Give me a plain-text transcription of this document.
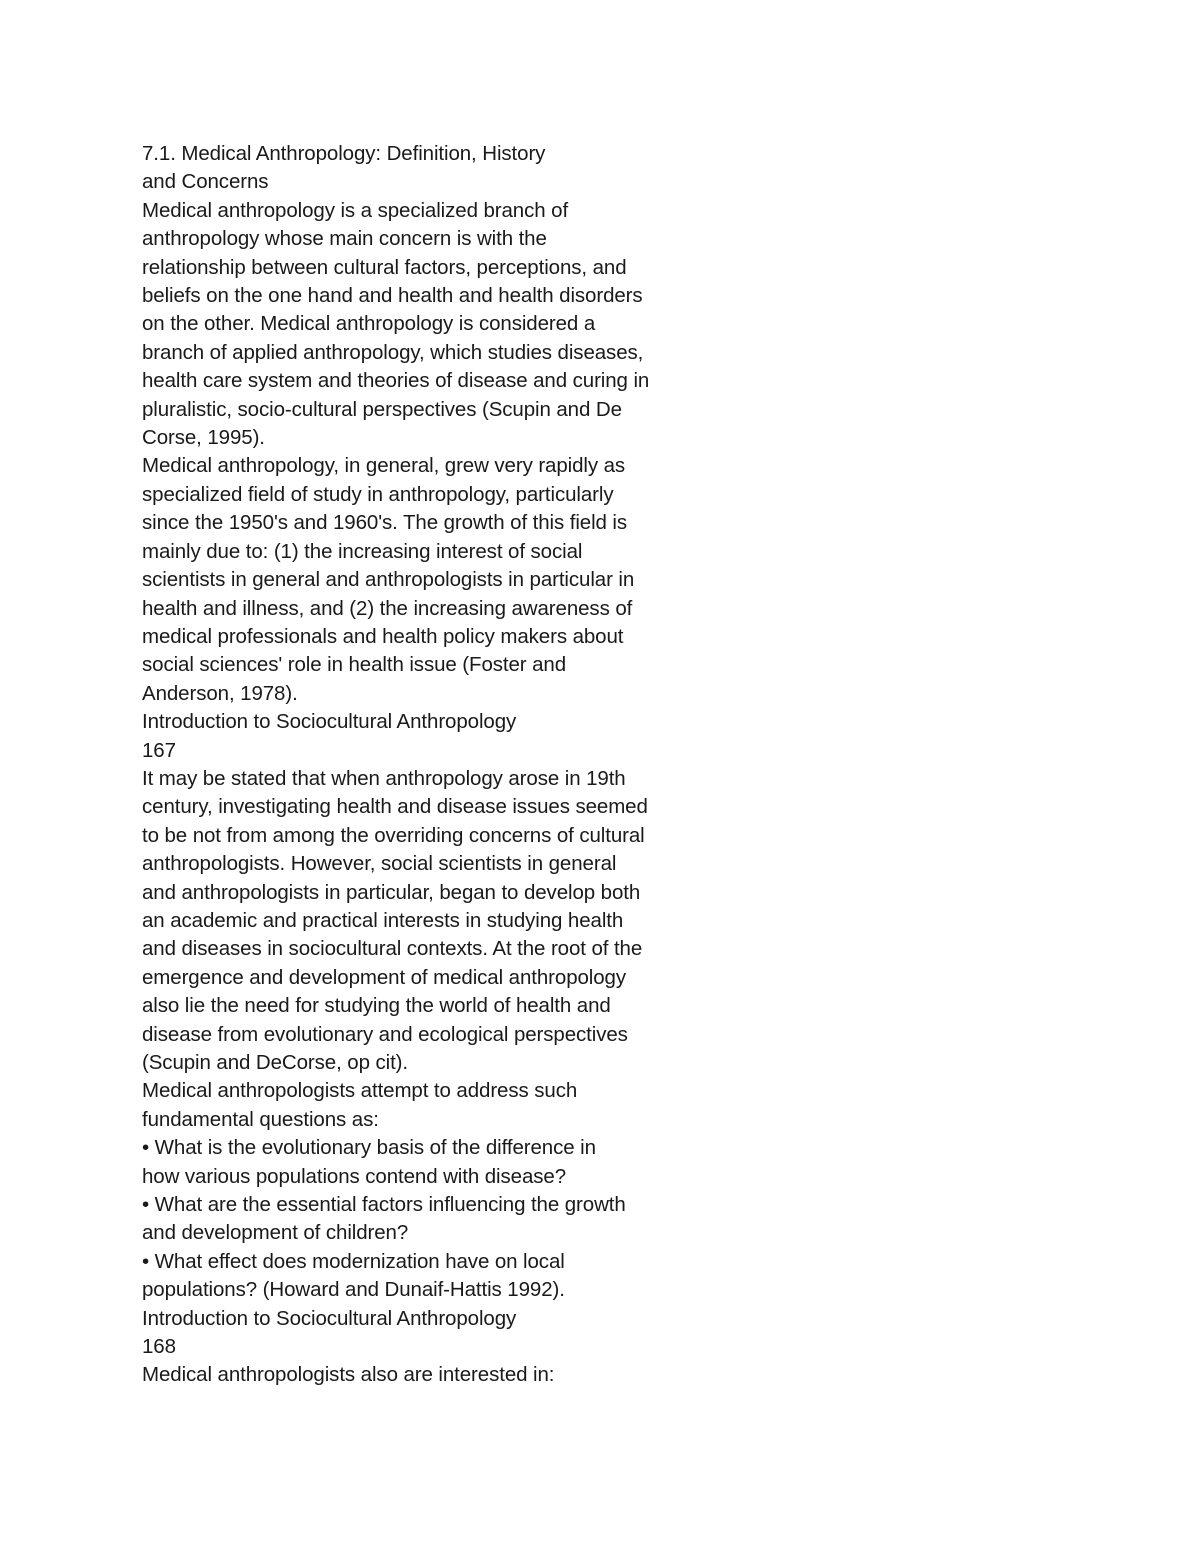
7.1. Medical Anthropology: Definition, History
and Concerns
Medical anthropology is a specialized branch of
anthropology whose main concern is with the
relationship between cultural factors, perceptions, and
beliefs on the one hand and health and health disorders
on the other. Medical anthropology is considered a
branch of applied anthropology, which studies diseases,
health care system and theories of disease and curing in
pluralistic, socio-cultural perspectives (Scupin and De
Corse, 1995).
Medical anthropology, in general, grew very rapidly as
specialized field of study in anthropology, particularly
since the 1950's and 1960's. The growth of this field is
mainly due to: (1) the increasing interest of social
scientists in general and anthropologists in particular in
health and illness, and (2) the increasing awareness of
medical professionals and health policy makers about
social sciences' role in health issue (Foster and
Anderson, 1978).
Introduction to Sociocultural Anthropology
167
It may be stated that when anthropology arose in 19th
century, investigating health and disease issues seemed
to be not from among the overriding concerns of cultural
anthropologists. However, social scientists in general
and anthropologists in particular, began to develop both
an academic and practical interests in studying health
and diseases in sociocultural contexts. At the root of the
emergence and development of medical anthropology
also lie the need for studying the world of health and
disease from evolutionary and ecological perspectives
(Scupin and DeCorse, op cit).
Medical anthropologists attempt to address such
fundamental questions as:
• What is the evolutionary basis of the difference in
how various populations contend with disease?
• What are the essential factors influencing the growth
and development of children?
• What effect does modernization have on local
populations? (Howard and Dunaif-Hattis 1992).
Introduction to Sociocultural Anthropology
168
Medical anthropologists also are interested in:
